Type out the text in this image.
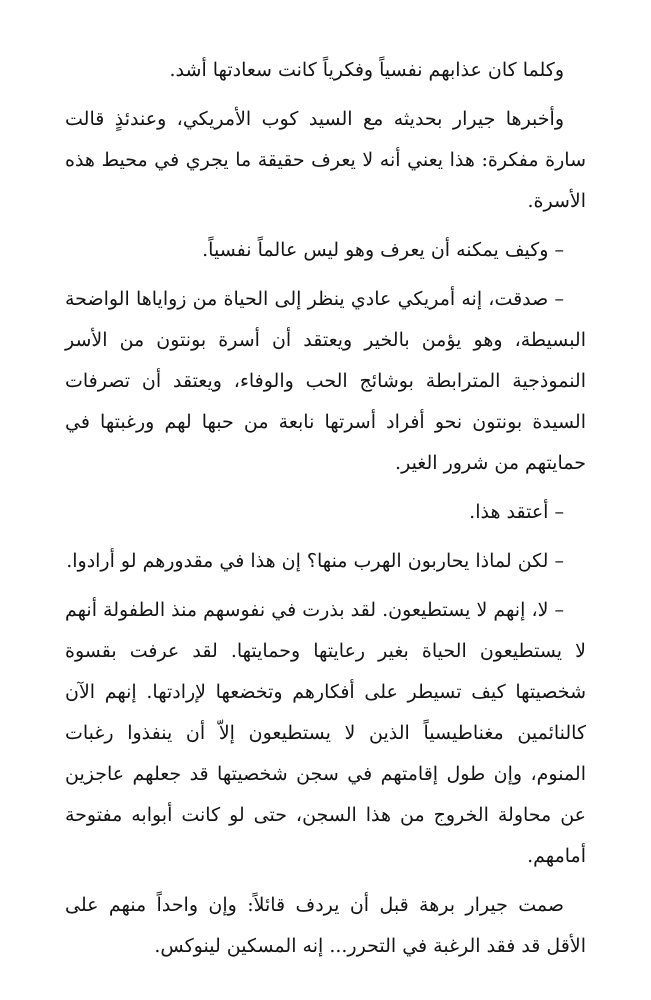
وكلما كان عذابهم نفسياً وفكرياً كانت سعادتها أشد.

وأخبرها جيرار بحديثه مع السيد كوب الأمريكي، وعندئذٍ قالت سارة مفكرة: هذا يعني أنه لا يعرف حقيقة ما يجري في محيط هذه الأسرة.

– وكيف يمكنه أن يعرف وهو ليس عالماً نفسياً.

– صدقت، إنه أمريكي عادي ينظر إلى الحياة من زواياها الواضحة البسيطة، وهو يؤمن بالخير ويعتقد أن أسرة بونتون من الأسر النموذجية المترابطة بوشائج الحب والوفاء، ويعتقد أن تصرفات السيدة بونتون نحو أفراد أسرتها نابعة من حبها لهم ورغبتها في حمايتهم من شرور الغير.

– أعتقد هذا.

– لكن لماذا يحاربون الهرب منها؟ إن هذا في مقدورهم لو أرادوا.

– لا، إنهم لا يستطيعون. لقد بذرت في نفوسهم منذ الطفولة أنهم لا يستطيعون الحياة بغير رعايتها وحمايتها. لقد عرفت بقسوة شخصيتها كيف تسيطر على أفكارهم وتخضعها لإرادتها. إنهم الآن كالنائمين مغناطيسياً الذين لا يستطيعون إلاّ أن ينفذوا رغبات المنوم، وإن طول إقامتهم في سجن شخصيتها قد جعلهم عاجزين عن محاولة الخروج من هذا السجن، حتى لو كانت أبوابه مفتوحة أمامهم.

صمت جيرار برهة قبل أن يردف قائلاً: وإن واحداً منهم على الأقل قد فقد الرغبة في التحرر... إنه المسكين لينوكس.
